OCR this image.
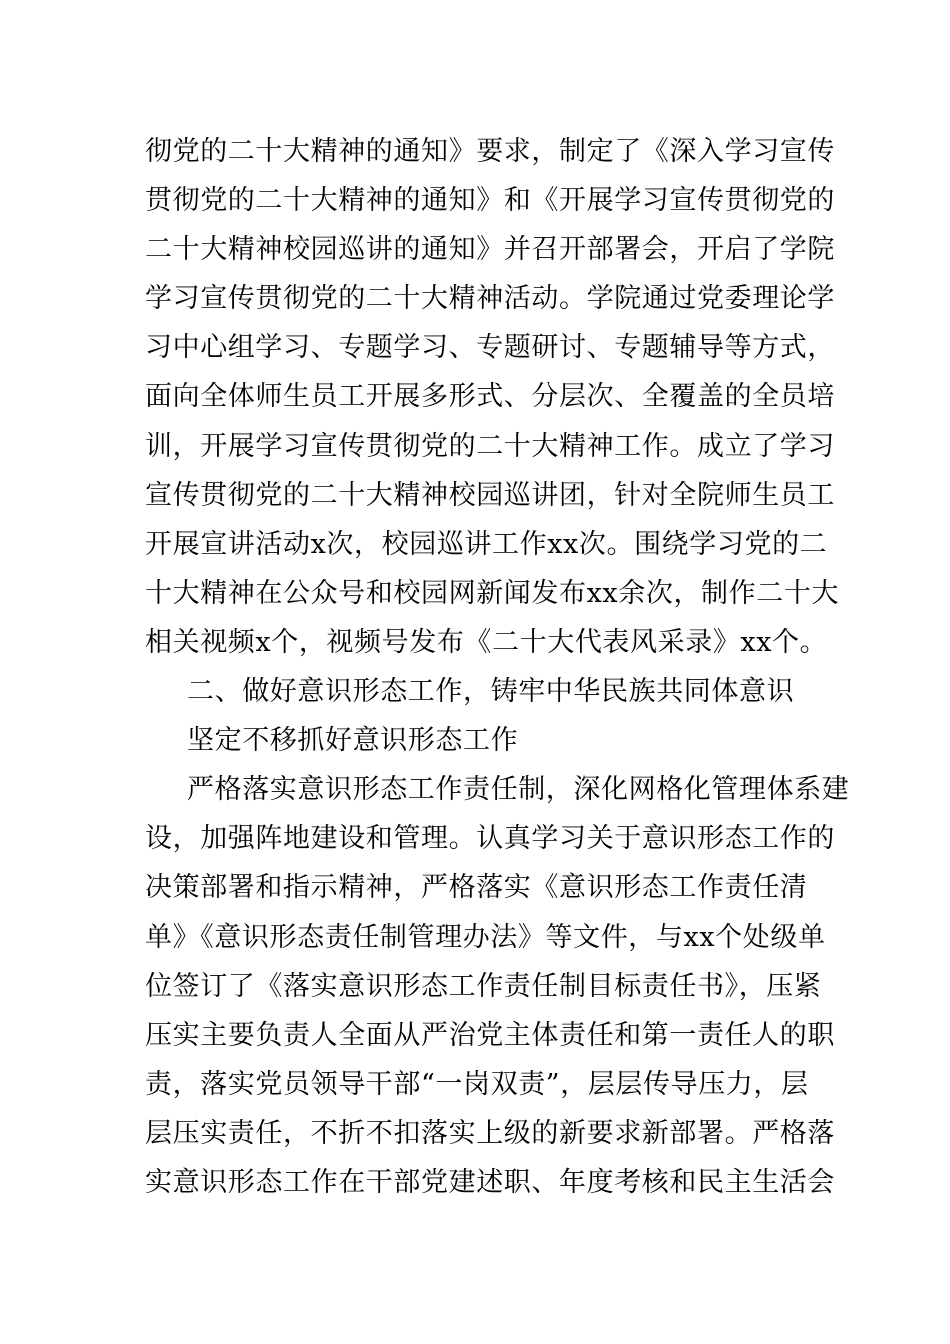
彻党的二十大精神的通知》要求，制定了《深入学习宣传
贯彻党的二十大精神的通知》和《开展学习宣传贯彻党的
二十大精神校园巡讲的通知》并召开部署会，开启了学院
学习宣传贯彻党的二十大精神活动。学院通过党委理论学
习中心组学习、专题学习、专题研讨、专题辅导等方式，
面向全体师生员工开展多形式、分层次、全覆盖的全员培
训，开展学习宣传贯彻党的二十大精神工作。成立了学习
宣传贯彻党的二十大精神校园巡讲团，针对全院师生员工
开展宣讲活动x次，校园巡讲工作xx次。围绕学习党的二
十大精神在公众号和校园网新闻发布xx余次，制作二十大
相关视频x个，视频号发布《二十大代表风采录》xx个。
二、做好意识形态工作，铸牢中华民族共同体意识
坚定不移抓好意识形态工作
严格落实意识形态工作责任制，深化网格化管理体系建
设，加强阵地建设和管理。认真学习关于意识形态工作的
决策部署和指示精神，严格落实《意识形态工作责任清
单》《意识形态责任制管理办法》等文件，与xx个处级单
位签订了《落实意识形态工作责任制目标责任书》，压紧
压实主要负责人全面从严治党主体责任和第一责任人的职
责，落实党员领导干部“一岗双责”，层层传导压力，层
层压实责任，不折不扣落实上级的新要求新部署。严格落
实意识形态工作在干部党建述职、年度考核和民主生活会
